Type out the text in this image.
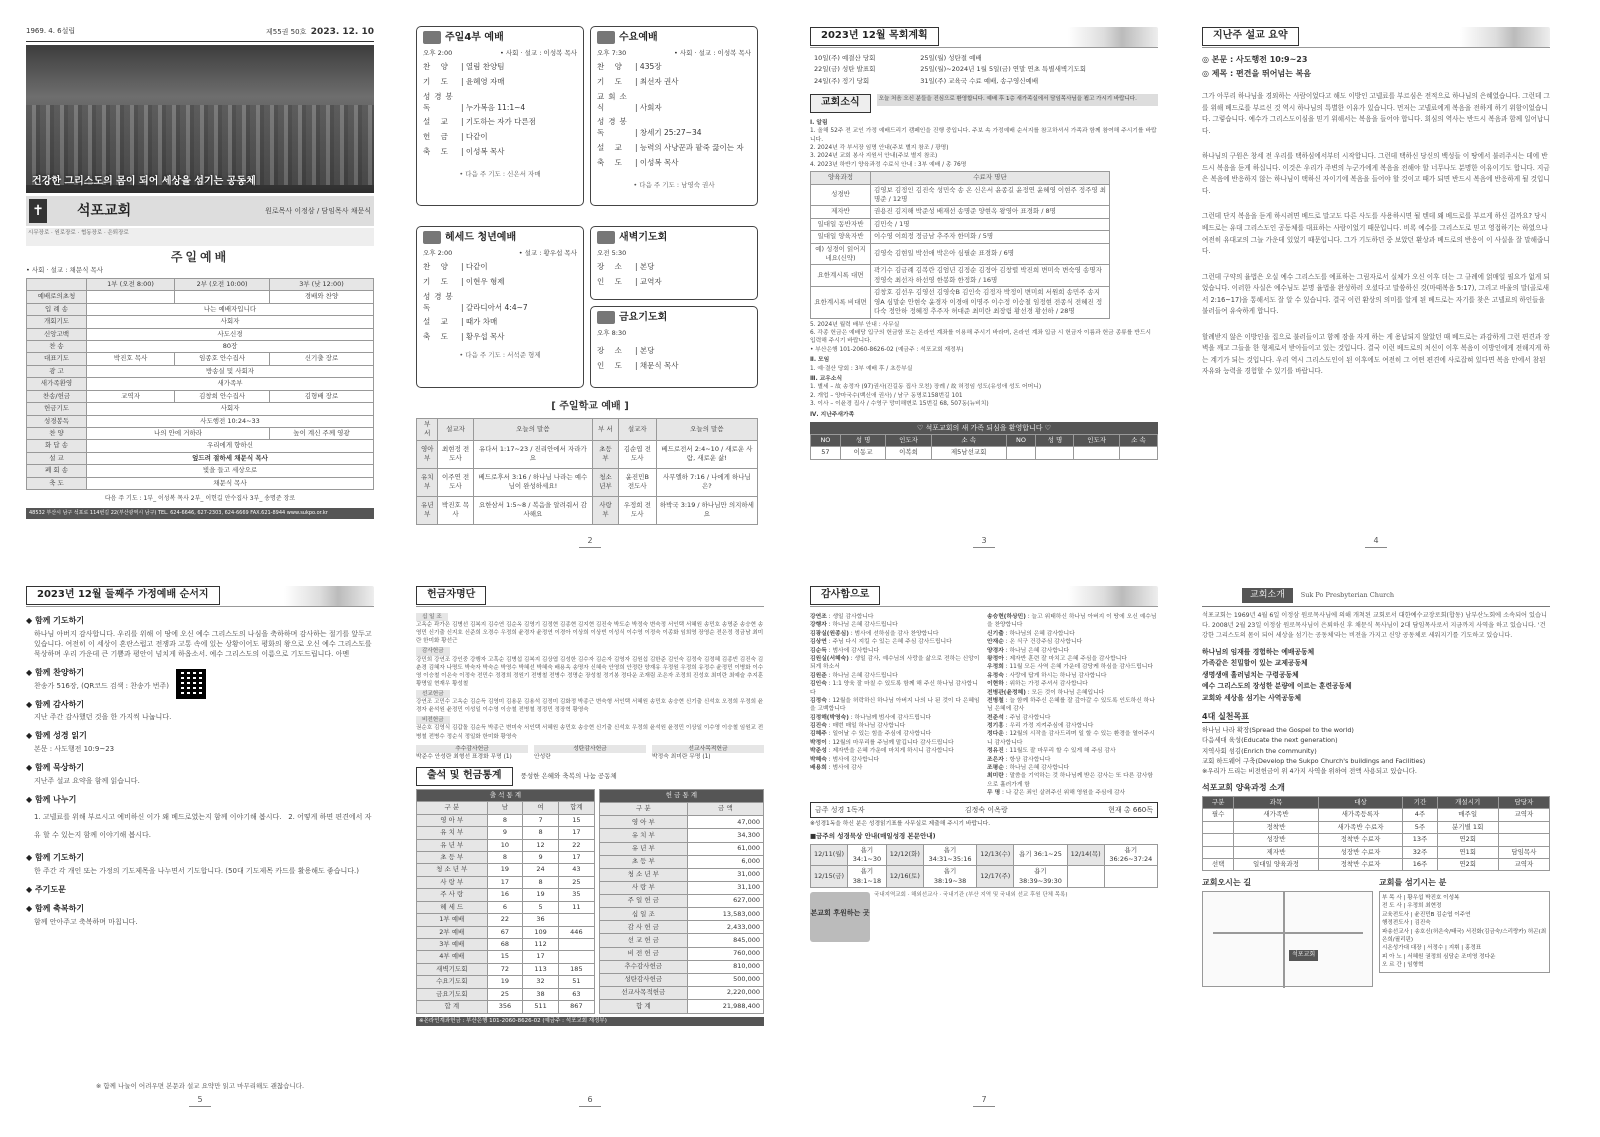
1969. 4. 6설립	제55권 50호 2023. 12. 10
건강한 그리스도의 몸이 되어 세상을 섬기는 공동체
✝ 석포교회	원로목사 이정삼 / 담임목사 채문식
시무장로 · 원로장로 · 협동장로 · 은퇴장로
주일예배
• 사회 · 설교 : 채문식 목사
	1부 (오전 8:00)	2부 (오전 10:00)	3부 (낮 12:00)
예배로의초청			경배와 찬양
입 례 송	나는 예배자입니다		
개회기도	사회자		
신앙고백	사도신경		
찬 송	80장		
대표기도	박진호 목사	임종호 안수집사	신기출 장로
광 고	방송실 및 사회자		
새가족환영	새가족부		
찬송/헌금	교역자	김창희 안수집사	김형배 장로
헌금기도	사회자		
성경봉독	사도행전 10:24~33		
찬 양	나의 안에 거하라		높이 계신 주께 영광
화 답 송	우리에게 향하신		
설 교	엎드려 절하세 채문식 목사		
폐 회 송	빛을 들고 세상으로		
축 도	채문식 목사		
다음 주 기도 : 1부_ 이성복 목사 2부_ 이헌길 안수집사 3부_ 송명준 장로
48532 부산시 남구 석포로 114번길 22(부산광역시 남구) TEL. 624-6646, 627-2303, 624-6669 FAX.621-8944 www.sukpo.or.kr
주일4부 예배
오후 2:00	• 사회 · 설교 : 이성복 목사
찬 양 | 열림 찬양팀
기 도 | 윤혜영 자매
성경봉독	| 누가복음 11:1~4
설 교 | 기도하는 자가 다른점
헌 금 | 다같이
축 도 | 이성복 목사
• 다음 주 기도 : 신은서 자매
수요예배
오후 7:30	• 사회 · 설교 : 이성복 목사
찬 양 | 435장
기 도 | 최선자 권사
교회소식	| 사회자
성경봉독	| 창세기 25:27~34
설 교 | 능력의 사냥꾼과 팥죽 끓이는 자
축 도 | 이성복 목사
• 다음 주 기도 : 남영숙 권사
헤세드 청년예배
오후 2:00	• 설교 : 황우섭 목사
찬 양 | 다같이
기 도 | 이현우 형제
성경봉독	| 갈라디아서 4:4~7
설 교 | 때가 차매
축 도 | 황우섭 목사
• 다음 주 기도 : 서석준 형제
새벽기도회
오전 5:30
장 소 | 본당
인 도 | 교역자
금요기도회
오후 8:30
장 소 | 본당
인 도 | 채문식 목사
[ 주일학교 예배 ]
부 서	설교자	오늘의 말씀	부 서	설교자	오늘의 말씀
영아부	최현정 전도사	유다서 1:17~23 / 진리안에서 자라가요	초등부	김순엽 전도사	베드로전서 2:4~10 / 새로운 사람, 새로운 삶!
유치부	이주연 전도사	베드로후서 3:16 / 하나님 나라는 예수님이 완성하세요!	청소년부	윤진민B 전도사	사무엘하 7:16 / 나에게 하나님은?
유년부	박진호 목사	요한삼서 1:5~8 / 복음을 알려줘서 감사해요	사랑부	우정희 전도사	하박국 3:19 / 하나님만 의지하세요
2
2023년 12월 목회계획
10일(주) 예결산 당회	25일(월) 성탄절 예배
22일(금) 성탄 발표회	25일(월)~2024년 1월 5일(금) 연말 연초 특별새벽기도회
24일(주) 정기 당회	31일(주) 교육국 수료 예배, 송구영신예배
교회소식	오늘 처음 오신 분들을 진심으로 환영합니다. 예배 후 1층 새가족실에서 담임목사님을 뵙고 가시기 바랍니다.
Ⅰ. 알림
1. 올해 52주 전 교인 가정 예배드리기 캠페인을 진행 중입니다. 주보 속 가정예배 순서지를 참고하셔서 가족과 함께 참여해 주시기를 바랍니다.
2. 2024년 각 부서장 임명 안내(주보 별지 참조 / 광명)
3. 2024년 교회 봉사 지원서 안내(주보 별지 참조)
4. 2023년 하반기 양육과정 수료식 안내 : 3부 예배 / 총 76명
양육과정	수료자 명단
성경반	김영보 김정인 김진숙 성민숙 송 온 신은서 윤종길 윤정연 윤혜영 이현주 정주영 최명준 / 12명
제자반	권용진 김지해 박준성 배재선 송명준 양현옥 왕영아 표경화 / 8명
일대일 동반자반	김민숙 / 1명
일대일 양육자반	이수영 이희정 정금남 추주자 한미화 / 5명
예) 성경이 읽어지네요(신약)	김영숙 김현일 박선애 박은아 심필순 표경화 / 6명
요한계시록 대면	곽기수 김금례 김복란 김엄년 김정순 김정아 김창렬 박진희 변미숙 변숙영 송명자 정영숙 최선자 하선영 한봉화 한정화 / 16명
요한계시록 비대면	김창호 김선우 김영선 김영숙B 김인숙 김정자 박정이 변미희 서원희 송민주 송지영A 심말순 안현숙 윤경자 이경애 이명주 이수정 이승철 임정현 전종식 전혜진 정다숙 정안하 정혜정 추주자 허대준 최미란 최장림 황선경 황선하 / 28명
5. 2024년 월력 배부 안내 : 사무실
6. 각종 헌금은 예배당 입구의 헌금함 또는 온라인 계좌를 이용해 주시기 바라며, 온라인 계좌 입금 시 헌금자 이름과 헌금 종류를 반드시 입력해 주시기 바랍니다.
• 부산은행 101-2060-8626-02 (예금주 : 석포교회 재정부)
Ⅱ. 모임
1. 예·결산 당회 : 3부 예배 후 / 초등부실
Ⅲ. 교우소식
1. 별세 – 故 송정자 (97)권사(진길동 집사 모친) 장례 / 故 허정임 성도(유성애 성도 어머니)
2. 개업 – 양마국수(백신애 권사) / 남구 동명로158번길 101
3. 이사 – 이윤경 집사 / 수영구 망미해변로 15번길 68, 507동(뉴비치)
Ⅳ. 지난주새가족
♡ 석포교회의 새 가족 되심을 환영합니다 ♡
NO	성 명	인도자	소 속	NO	성 명	인도자	소 속
57	이동교	이복희	제5남선교회				
3
지난주 설교 요약
◎ 본문 : 사도행전 10:9~23
◎ 제목 : 편견을 뛰어넘는 복음

그가 아무리 하나님을 경외하는 사람이었다고 해도 이방인 고넬료를 부르심은 전적으로 하나님의 은혜였습니다. 그런데 그를 위해 베드로를 부르신 것 역시 하나님의 특별한 이유가 있습니다. 먼저는 고넬료에게 복음을 전하게 하기 위함이었습니다. 그렇습니다. 예수가 그리스도이심을 믿기 위해서는 복음을 들어야 합니다. 회심의 역사는 반드시 복음과 함께 일어납니다.

하나님의 구원은 창세 전 우리를 택하심에서부터 시작합니다. 그런데 택하신 당신의 백성들 이 땅에서 불러주시는 데에 반드시 복음을 듣게 하십니다. 이것은 우리가 주변의 누군가에게 복음을 전해야 할 너무나도 분명한 이유이기도 합니다. 지금은 복음에 반응하지 않는 하나님이 택하신 자이기에 복음을 들어야 할 것이고 때가 되면 반드시 복음에 반응하게 될 것입니다.

그런데 단지 복음을 듣게 하시려면 베드로 말고도 다른 사도를 사용하시면 될 텐데 왜 베드로를 부르게 하신 걸까요? 당시 베드로는 유대 그리스도인 공동체를 대표하는 사람이었기 때문입니다. 비록 예수를 그리스도로 믿고 영접하기는 하였으나 여전히 유대교의 그늘 가운데 있었기 때문입니다. 그가 기도하던 중 보았던 환상과 베드로의 반응이 이 사실을 잘 말해줍니다.

그런데 구약의 율법은 오실 예수 그리스도를 예표하는 그림자로서 실체가 오신 이후 더는 그 규례에 얽매일 필요가 없게 되었습니다. 이러한 사실은 예수님도 분명 율법을 완성하러 오셨다고 말씀하신 것(마태복음 5:17), 그리고 바울의 말(골로새서 2:16~17)을 통해서도 잘 알 수 있습니다. 결국 이런 환상의 의미를 알게 된 베드로는 자기를 찾은 고넬료의 하인들을 불러들여 유숙하게 합니다.

할례받지 않은 이방인을 집으로 불러들이고 함께 잠을 자게 하는 게 용납되지 않았던 때 베드로는 과감하게 그런 편견과 장벽을 깨고 그들을 한 형제로서 받아들이고 있는 것입니다. 결국 이런 베드로의 처신이 이후 복음이 이방인에게 전해지게 하는 계기가 되는 것입니다. 우리 역시 그리스도인이 된 이후에도 여전히 그 어떤 편견에 사로잡혀 있다면 복음 안에서 참된 자유와 능력을 경험할 수 있기를 바랍니다.

4
2023년 12월 둘째주 가정예배 순서지
◆ 함께 기도하기

하나님 아버지 감사합니다. 우리를 위해 이 땅에 오신 예수 그리스도의 나심을 축하하며 감사하는 절기를 앞두고 있습니다. 여전히 이 세상이 혼란스럽고 전쟁과 고통 속에 있는 상황이어도 평화의 왕으로 오신 예수 그리스도를 묵상하며 우리 가운데 큰 기쁨과 평안이 넘치게 하옵소서. 예수 그리스도의 이름으로 기도드립니다. 아멘

◆ 함께 찬양하기

찬송가 516장, (QR코드 검색 : 찬송가 번주)

◆ 함께 감사하기

지난 주간 감사했던 것을 한 가지씩 나눕니다.

◆ 함께 성경 읽기

본문 : 사도행전 10:9~23

◆ 함께 묵상하기

지난주 설교 요약을 함께 읽습니다.

◆ 함께 나누기

1. 고넬료를 위해 부르시고 예비하신 이가 왜 베드로였는지 함께 이야기해 봅시다.   2. 어떻게 하면 편견에서 자유 할 수 있는지 함께 이야기해 봅시다.

◆ 함께 기도하기

한 주간 각 개인 또는 가정의 기도제목을 나누면서 기도합니다. (50대 기도제목 카드를 활용해도 좋습니다.)

◆ 주기도문
◆ 함께 축복하기

함께 안아주고 축복하며 마칩니다.

※ 함께 나눌이 어려우면 본문과 설교 요약만 읽고 마무리해도 괜찮습니다.
5
헌금자명단
십 일 조
고옥순 곽가은 김병선 김복지 김수연 김순옥 김영기 김정현 김종현 김지현 김진숙 박도순 박정숙 변숙정 서인택 서혜원 송민호 송명준 송승현 송영민 신기출 신지호 신준희 오경수 우정희 윤경자 윤정연 이경아 이상희 이상빈 이성식 이수영 이정숙 이종화 임희영 장영순 전은정 정금남 최미란 한미화 황선근
감사헌금
강민희 강연조 강인중 강행자 고혹순 김병섭 김복지 김상엽 김성한 김수자 김순자 김영자 김원섭 김한준 김인숙 김정숙 김정혜 김종빈 김진숙 김춘경 김혜자 나명도 박숙자 박숙순 박영수 박혜선 박혜숙 배용옥 송명자 신혜숙 안영희 안정란 양재유 우정원 우정희 유정수 윤정민 이병화 이수영 이승철 이은숙 이정숙 전민수 정경희 정원기 전병철 전병수 정명순 장성철 정기봉 정다운 조재림 조은자 조정희 진성호 최미란 최예슬 추지훈 황명일 현재우 황성철
선교헌금
강연조 고민수 고옥순 김순득 김영미 김용문 김용석 김정미 김화정 박종근 변숙형 서인택 서혜원 송민호 송승현 신기출 신석호 오정희 우정희 윤경자 윤석원 윤정민 이성일 이수영 이승철 전병철 정정민 정장혁 황영숙
비전헌금
권순호 김영식 김갑돌 김순득 박종근 변미숙 서인택 서혜원 송민호 송승현 신기출 신석호 우정희 윤석원 윤정민 이상일 이수영 이승철 임원교 전병철 전병수 정순식 정일화 한미화 황영숙
추수감사헌금
박준수 안성란 최형선 표경화 무명 (1)
성탄감사헌금
안성란
선교사목적헌금
박정숙 최미란 무명 (1)
출석 및 헌금통계	풍성한 은혜와 축복의 나눔 공동체
출 석 통 계			
구 분	남	여	합계
영 아 부	8	7	15
유 치 부	9	8	17
유 년 부	10	12	22
초 등 부	8	9	17
청 소 년 부	19	24	43
사 랑 부	17	8	25
주 사 랑	16	19	35
헤 세 드	6	5	11
1부 예배	22	36	
2부 예배	67	109	446
3부 예배	68	112	
4부 예배	15	17	
새벽기도회	72	113	185
수요기도회	19	32	51
금요기도회	25	38	63
합 계	356	511	867
헌 금 통 계	
구 분	금 액
영 아 부	47,000
유 치 부	34,300
유 년 부	61,000
초 등 부	6,000
청 소 년 부	31,000
사 랑 부	31,100
주 일 헌 금	627,000
십 일 조	13,583,000
감 사 헌 금	2,433,000
선 교 헌 금	845,000
비 전 헌 금	760,000
추수감사헌금	810,000
성탄감사헌금	500,000
선교사목적헌금	2,220,000
합 계	21,988,400
※온라인계좌헌금 : 부산은행 101-2060-8626-02 (예금주 : 석포교회 재정부)
6
감사함으로
강연조 : 생일 감사합니다
강행자 : 하나님 은혜 감사드립니다
김광실(원종심) : 범사에 선하심을 감사 찬양합니다
김상연 : 주님 다시 지킬 수 있는 은혜 주심 감사드립니다
김순득 : 범사에 감사합니다
김원실(서혜숙) : 생일 감사, 예수님의 사랑을 삶으로 전하는 신앙이 되게 하소서
김원준 : 하나님 은혜 감사드립니다
김인숙 : 1:1 양육 잘 마칠 수 있도록 함께 해 주신 하나님 감사합니다
김정숙 : 12월을 허락하신 하나님 아버지 나의 나 된 것이 다 은혜임을 고백합니다
김정해(박영숙) : 하나님께 범사에 감사드립니다
김진숙 : 매번 매일 하나님 감사합니다
김혜주 : 일어날 수 있는 힘을 주심에 감사합니다
박정이 : 12월의 마무리를 주님께 맡깁니다 감사드립니다
박준성 : 제자반을 은혜 가운데 마치게 하시니 감사합니다
박혜숙 : 범사에 감사합니다
배용희 : 범사에 감사
송승현(하상민) : 늘고 위태하신 하나님 아버지 이 땅에 오신 예수님을 찬양합니다
신기출 : 하나님의 은혜 감사합니다
안재순 : 온 식구 건강주심 감사합니다
양경자 : 하나님 은혜 감사합니다
왕정아 : 제자반 훈련 잘 마치고 은혜 주심을 감사합니다
우정희 : 11월 모든 사역 은혜 가운데 감당케 하심을 감사드립니다
유정숙 : 사랑에 답게 하시는 하나님 감사합니다
이현하 : 위하는 가정 주셔서 감사합니다
전병관(윤정혜) : 모든 것이 하나님 은혜입니다
전병철 : 늘 함께 하주신 은혜를 잘 갚아갈 수 있도록 인도하신 하나님 은혜에 감사
전준석 : 주님 감사합니다
정기홍 : 우리 가정 지켜주심에 감사합니다
정다운 : 12월의 시작을 감사드리며 일 할 수 있는 환경을 열어주시니 감사합니다
정유진 : 11월도 잘 마무리 할 수 있게 해 주심 감사
조은자 : 항상 감사합니다
조평순 : 하나님 은혜 감사합니다
최미란 : 말씀을 기억하는 것 하나님께 받은 감사는 또 다른 감사함으로 흘러가게 함
무 명 : 나 같은 죄인 살려주신 위해 영원을 주심에 감사
금주 성경 1독자	김정숙 이옥랑	현재 총 660독
※성경1독을 하신 분은 성경읽기표를 사무실로 제출해 주시기 바랍니다.
■금주의 성경묵상 안내(매일성경 본문안내)
12/11(월)	욥기 34:1~30	12/12(화)	욥기 34:31~35:16	12/13(수)	욥기 36:1~25	12/14(목)	욥기 36:26~37:24
12/15(금)	욥기 38:1~18	12/16(토)	욥기 38:19~38	12/17(주)	욥기 38:39~39:30		
본교회 후원하는 곳
국내지역교회 · 해외선교사 · 국내기관 (부산 지역 및 국내외 선교 후원 단체 목록)
7
교회소개	Suk Po Presbyterian Church
석포교회는 1969년 4월 6일 이정삼 원로목사님에 의해 개척된 교회로서 대한예수교장로회(합동) 남부산노회에 소속되어 있습니다. 2008년 2월 23일 이정삼 원로목사님이 은퇴하신 후 채문식 목사님이 2대 담임목사로서 지금까지 사역을 하고 있습니다. '건강한 그리스도의 몸이 되어 세상을 섬기는 공동체'라는 비전을 가지고 신앙 공동체로 세워지기를 기도하고 있습니다.
하나님의 임재를 경험하는 예배공동체
가족같은 친밀함이 있는 교제공동체
생명생애 흘러넘치는 구령공동체
예수 그리스도의 장성한 분량에 이르는 훈련공동체
교회와 세상을 섬기는 사역공동체
4대 실천목표
하나님 나라 확장(Spread the Gospel to the world)
다음세대 육성(Educate the next generation)
지역사회 섬김(Enrich the community)
교회 하드웨어 구축(Develop the Sukpo Church's buildings and Facilities)
※우리가 드리는 비전헌금이 위 4가지 사역을 위하여 전액 사용되고 있습니다.
석포교회 양육과정 소개
구분	과목	대상	기간	개설시기	담당자
필수	새가족반	새가족등록자	4주	매주일	교역자
	정착반	새가족반 수료자	5주	분기별 1회	
	성장반	정착반 수료자	13주	연2회	
	제자반	성장반 수료자	32주	연1회	담임목사
선택	일대일 양육과정	정착반 수료자	16주	연2회	교역자
교회오시는 길
석포교회
교회를 섬기시는 분
부 목 사 | 황우섭 박진호 이성복
전 도 사 | 우정희 최현정
교육전도사 | 윤진민B 김순엽 이주연
행정전도사 | 김진숙
파송선교사 | 송호신(허은숙/태국) 서진화(김금숙/스리랑카) 허곤(최은희/필리핀)
시온성가대 대장 | 서정수 | 지휘 | 홍정표
피 아 노 | 서혜원 권정희 심담순 조미영 정다운
오 르 간 | 임형혁
